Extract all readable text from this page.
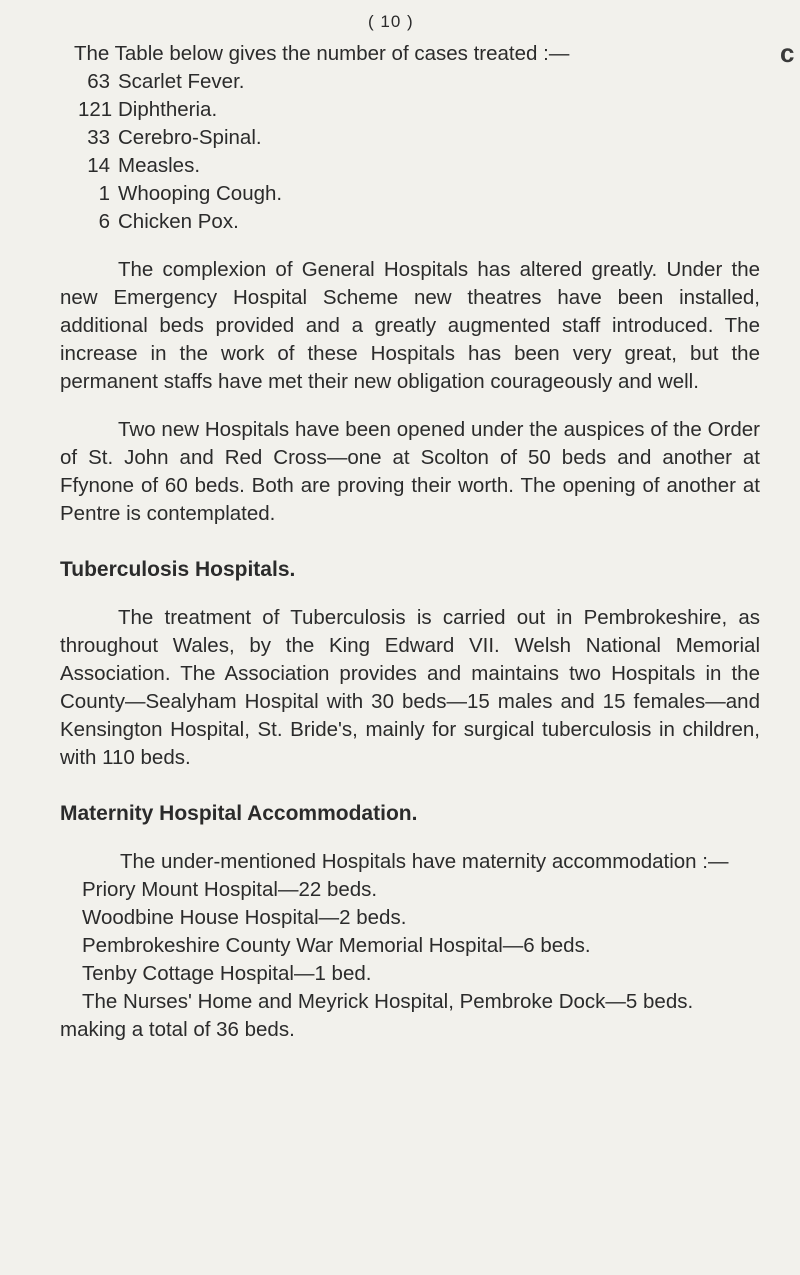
( 10 )
c

The Table below gives the number of cases treated :—

63 Scarlet Fever.
121 Diphtheria.
33 Cerebro-Spinal.
14 Measles.
1 Whooping Cough.
6 Chicken Pox.

The complexion of General Hospitals has altered greatly. Under the new Emergency Hospital Scheme new theatres have been installed, additional beds provided and a greatly augmented staff introduced. The increase in the work of these Hospitals has been very great, but the permanent staffs have met their new obligation courageously and well.

Two new Hospitals have been opened under the auspices of the Order of St. John and Red Cross—one at Scolton of 50 beds and another at Ffynone of 60 beds. Both are proving their worth. The opening of another at Pentre is contemplated.

Tuberculosis Hospitals.

The treatment of Tuberculosis is carried out in Pembrokeshire, as throughout Wales, by the King Edward VII. Welsh National Memorial Association. The Association provides and maintains two Hospitals in the County—Sealyham Hospital with 30 beds—15 males and 15 females—and Kensington Hospital, St. Bride's, mainly for surgical tuberculosis in children, with 110 beds.

Maternity Hospital Accommodation.

The under-mentioned Hospitals have maternity accommodation :—

Priory Mount Hospital—22 beds.
Woodbine House Hospital—2 beds.
Pembrokeshire County War Memorial Hospital—6 beds.
Tenby Cottage Hospital—1 bed.
The Nurses' Home and Meyrick Hospital, Pembroke Dock—5 beds.

making a total of 36 beds.
